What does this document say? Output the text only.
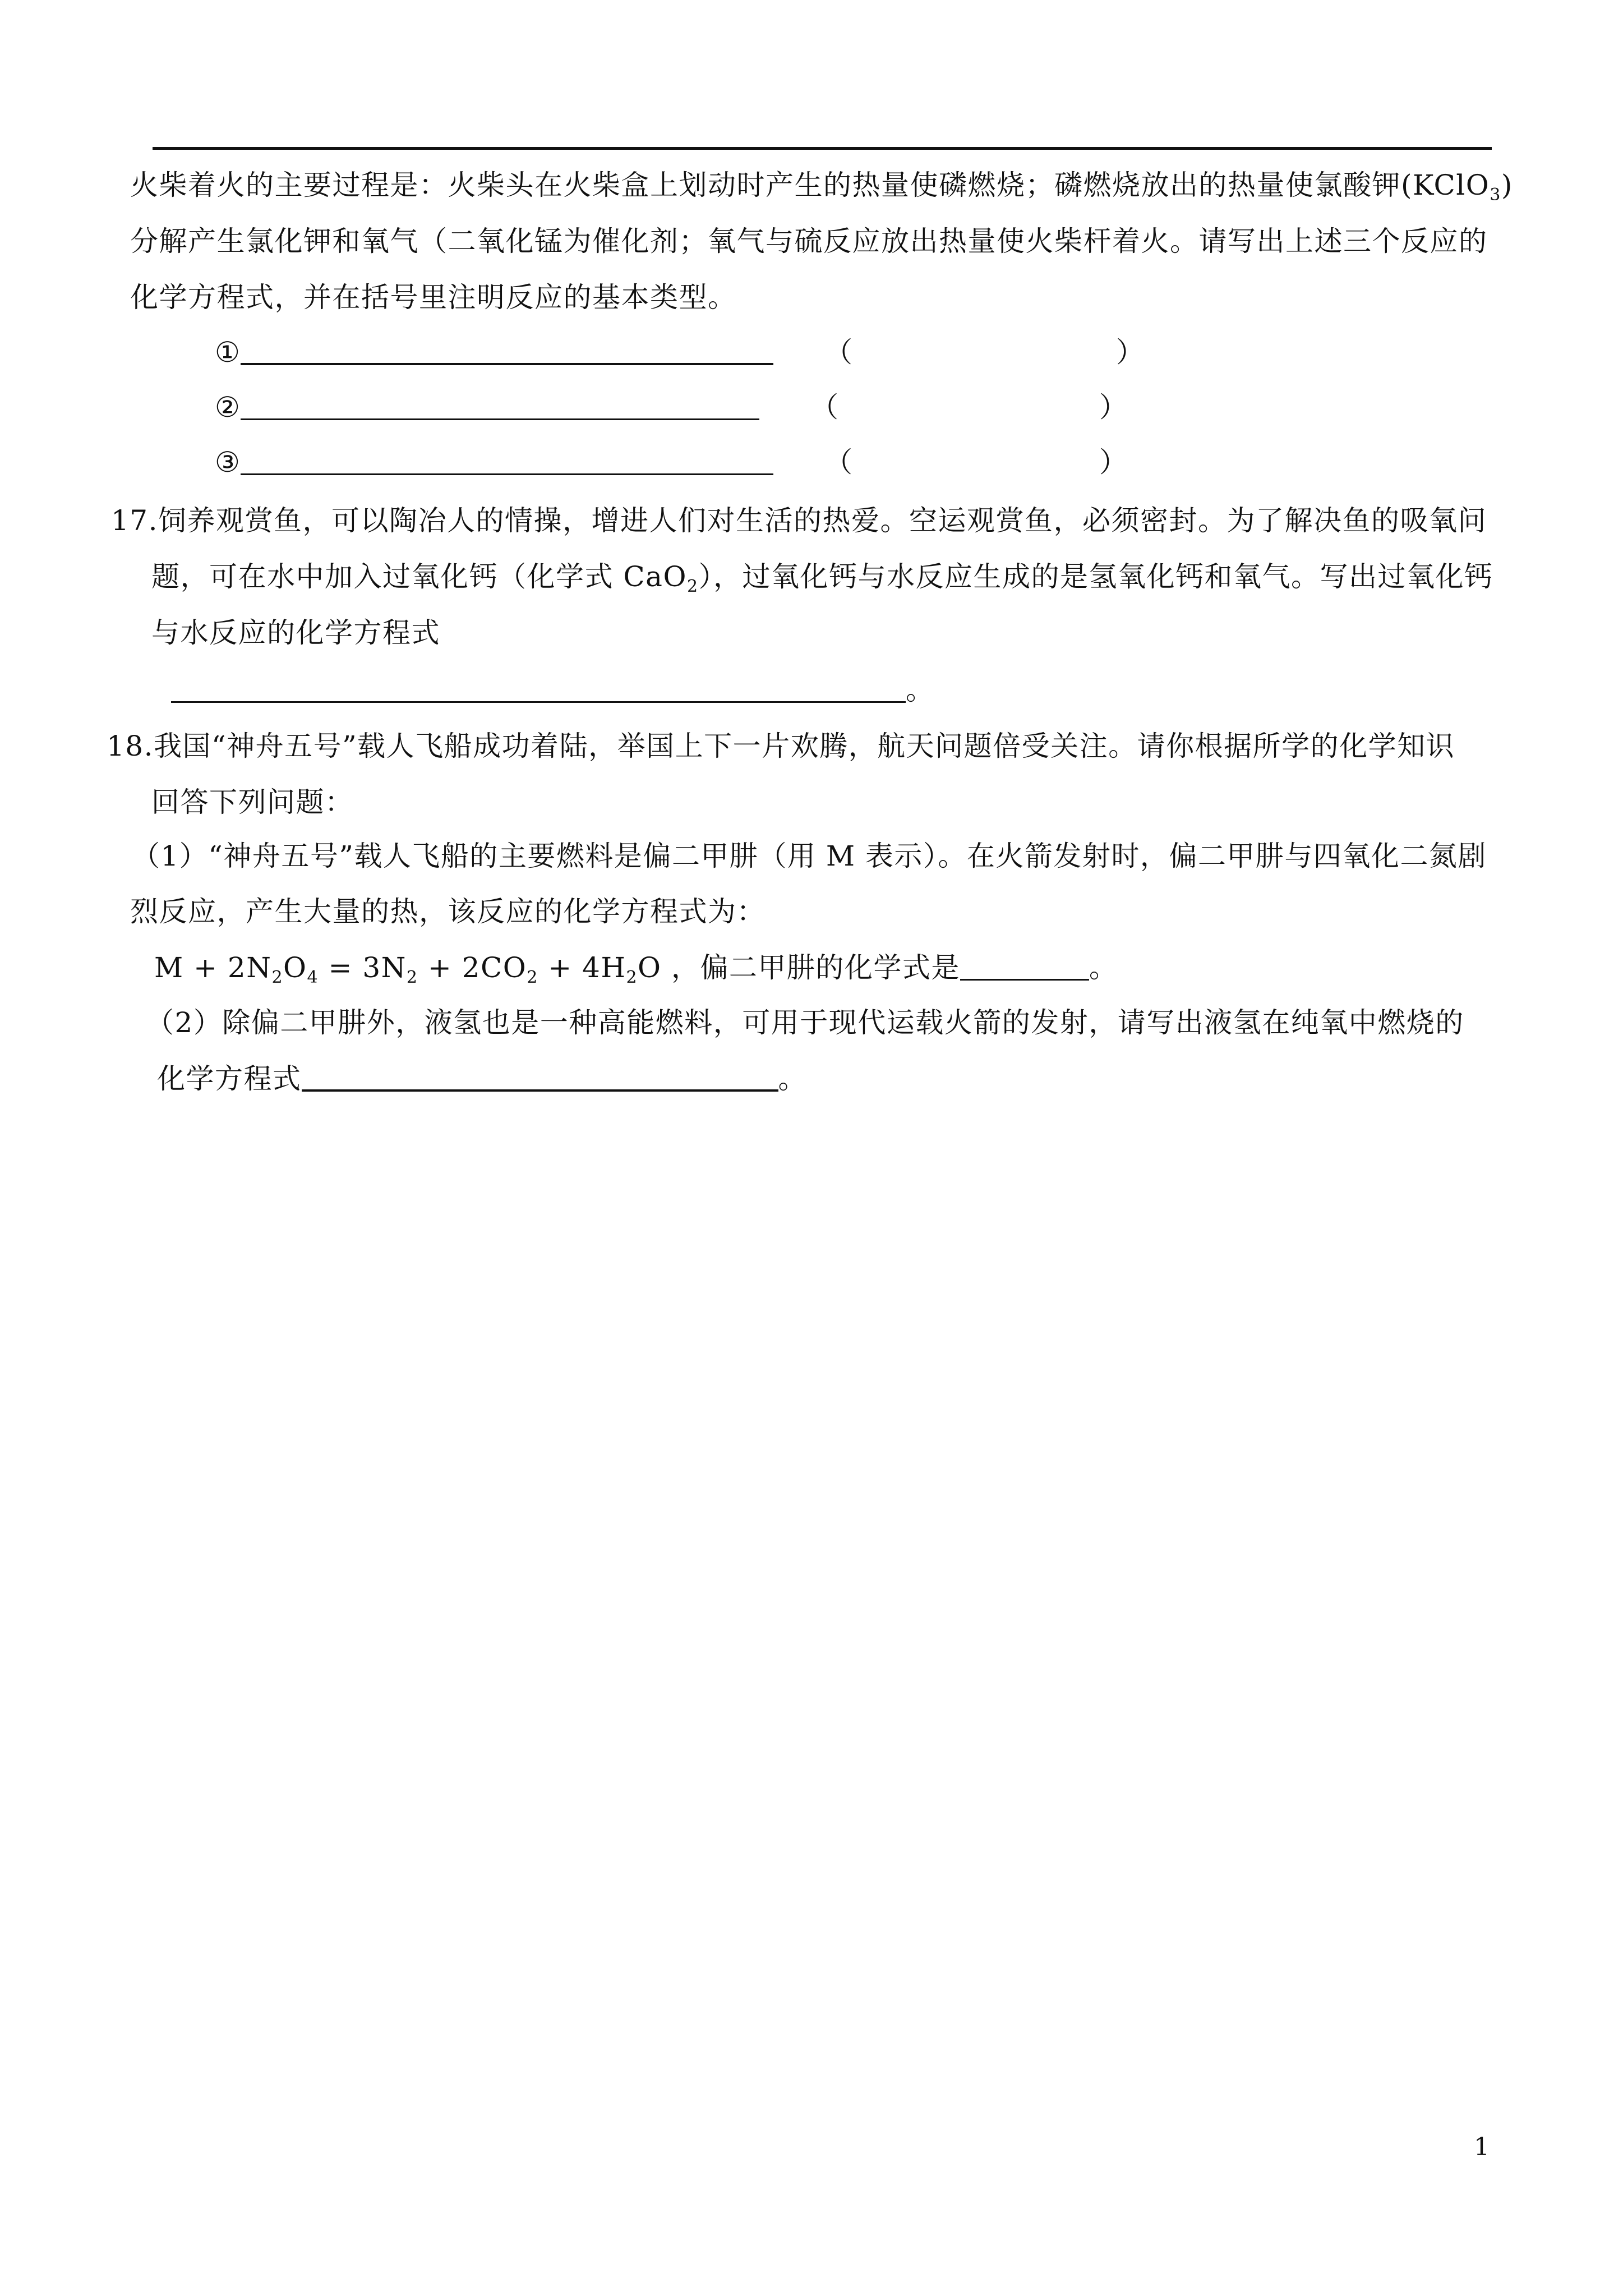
火柴着火的主要过程是：火柴头在火柴盒上划动时产生的热量使磷燃烧；磷燃烧放出的热量使氯酸钾(KClO$_3$)
分解产生氯化钾和氧气（二氧化锰为催化剂；氧气与硫反应放出热量使火柴杆着火。请写出上述三个反应的
化学方程式，并在括号里注明反应的基本类型。
①	（	）
②	（	）
③	（	）
17.饲养观赏鱼，可以陶冶人的情操，增进人们对生活的热爱。空运观赏鱼，必须密封。为了解决鱼的吸氧问
题，可在水中加入过氧化钙（化学式 CaO$_2$），过氧化钙与水反应生成的是氢氧化钙和氧气。写出过氧化钙
与水反应的化学方程式
。
18.我国“神舟五号”载人飞船成功着陆，举国上下一片欢腾，航天问题倍受关注。请你根据所学的化学知识
回答下列问题：
（1）“神舟五号”载人飞船的主要燃料是偏二甲肼（用 M 表示）。在火箭发射时，偏二甲肼与四氧化二氮剧
烈反应，产生大量的热，该反应的化学方程式为：
$M + 2N_2O_4 = 3N_2 + 2CO_2 + 4H_2O$ ，偏二甲肼的化学式是	。
（2）除偏二甲肼外，液氢也是一种高能燃料，可用于现代运载火箭的发射，请写出液氢在纯氧中燃烧的
化学方程式	。
1
